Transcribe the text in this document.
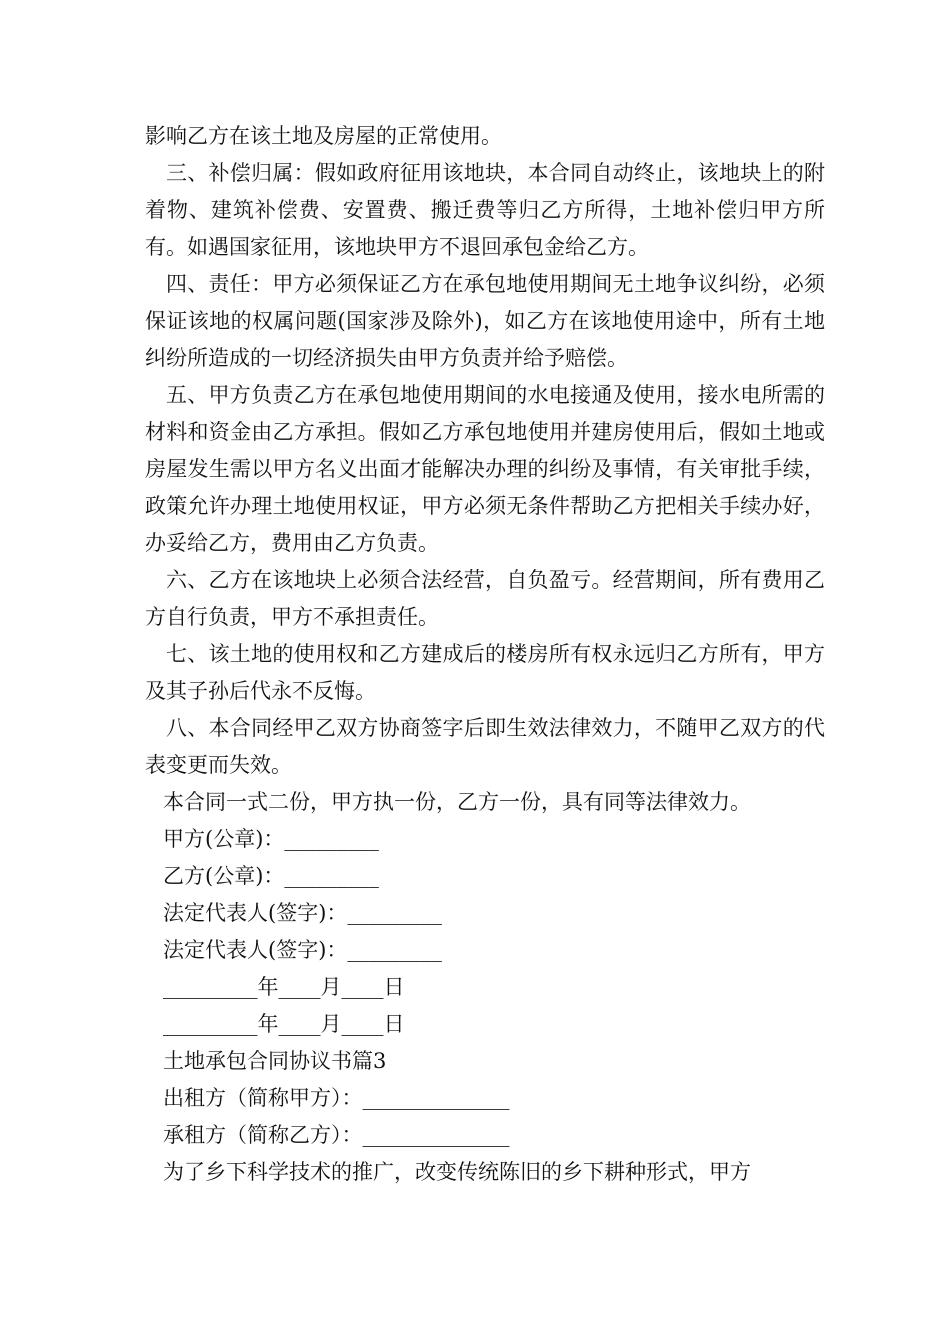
影响乙方在该土地及房屋的正常使用。

三、补偿归属：假如政府征用该地块，本合同自动终止，该地块上的附着物、建筑补偿费、安置费、搬迁费等归乙方所得，土地补偿归甲方所有。如遇国家征用，该地块甲方不退回承包金给乙方。

四、责任：甲方必须保证乙方在承包地使用期间无土地争议纠纷，必须保证该地的权属问题(国家涉及除外)，如乙方在该地使用途中，所有土地纠纷所造成的一切经济损失由甲方负责并给予赔偿。

五、甲方负责乙方在承包地使用期间的水电接通及使用，接水电所需的材料和资金由乙方承担。假如乙方承包地使用并建房使用后，假如土地或房屋发生需以甲方名义出面才能解决办理的纠纷及事情，有关审批手续，政策允许办理土地使用权证，甲方必须无条件帮助乙方把相关手续办好，办妥给乙方，费用由乙方负责。

六、乙方在该地块上必须合法经营，自负盈亏。经营期间，所有费用乙方自行负责，甲方不承担责任。

七、该土地的使用权和乙方建成后的楼房所有权永远归乙方所有，甲方及其子孙后代永不反悔。

八、本合同经甲乙双方协商签字后即生效法律效力，不随甲乙双方的代表变更而失效。

本合同一式二份，甲方执一份，乙方一份，具有同等法律效力。

甲方(公章)：_________

乙方(公章)：_________

法定代表人(签字)：_________

法定代表人(签字)：_________

_________年____月____日

_________年____月____日

土地承包合同协议书篇3

出租方（简称甲方）：______________

承租方（简称乙方）：______________

为了乡下科学技术的推广，改变传统陈旧的乡下耕种形式，甲方
